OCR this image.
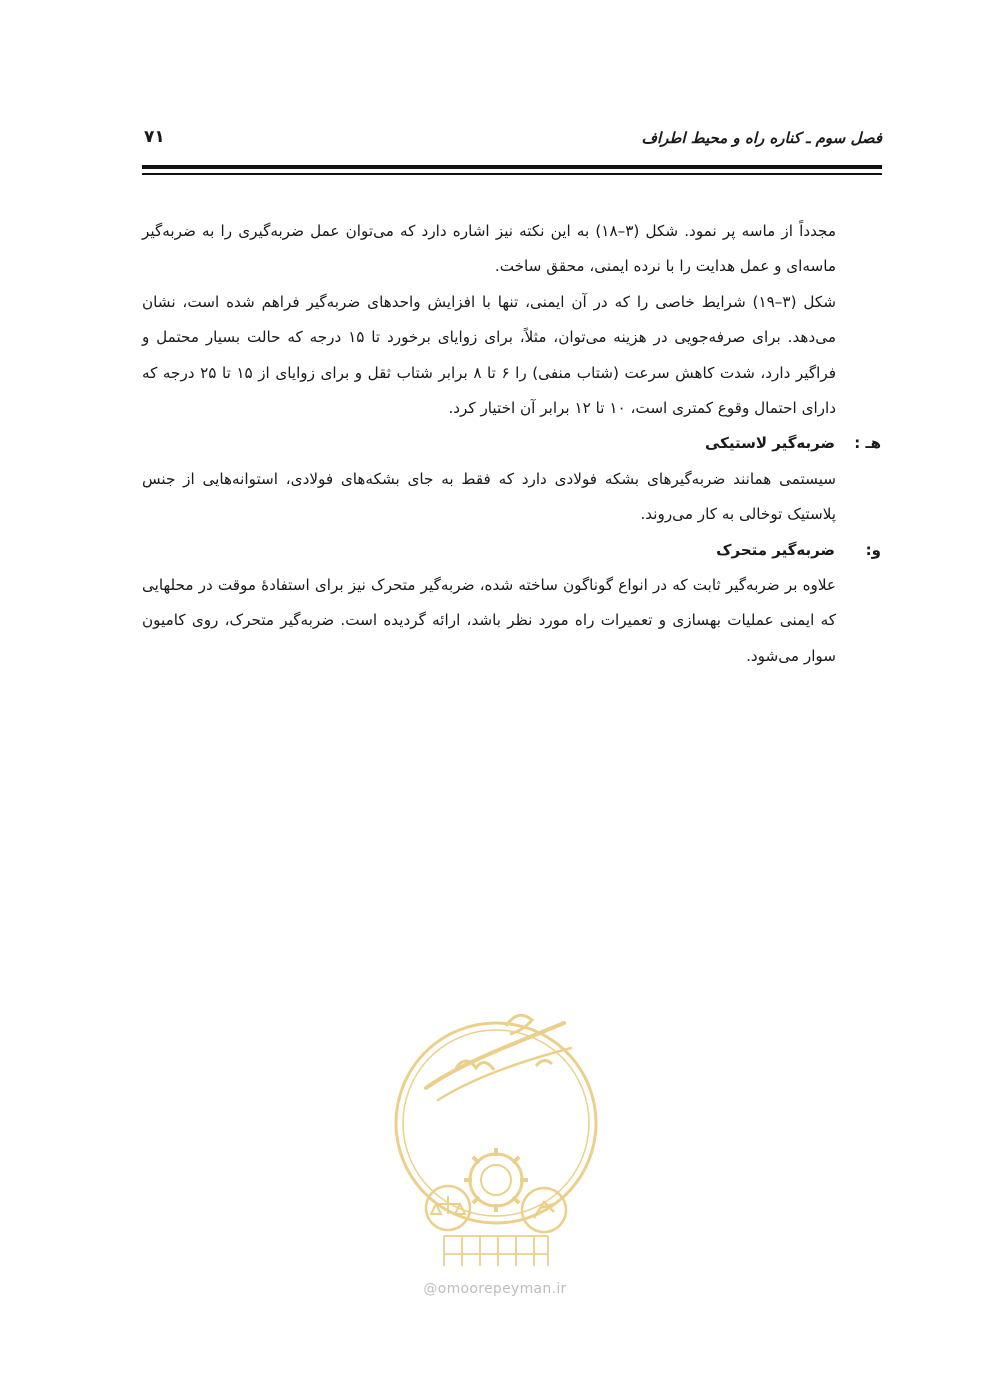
فصل سوم ـ کناره راه و محیط اطراف
۷۱

مجدداً از ماسه پر نمود. شکل (۳–۱۸) به این نکته نیز اشاره دارد که می‌توان عمل ضربه‌گیری را به ضربه‌گیر ماسه‌ای و عمل هدایت را با نرده ایمنی، محقق ساخت.

شکل (۳–۱۹) شرایط خاصی را که در آن ایمنی، تنها با افزایش واحدهای ضربه‌گیر فراهم شده است، نشان می‌دهد. برای صرفه‌جویی در هزینه می‌توان، مثلاً، برای زوایای برخورد تا ۱۵ درجه که حالت بسیار محتمل و فراگیر دارد، شدت کاهش سرعت (شتاب منفی) را ۶ تا ۸ برابر شتاب ثقل و برای زوایای از ۱۵ تا ۲۵ درجه که دارای احتمال وقوع کمتری است، ۱۰ تا ۱۲ برابر آن اختیار کرد.

هـ :
ضربه‌گیر لاستیکی

سیستمی همانند ضربه‌گیرهای بشکه فولادی دارد که فقط به جای بشکه‌های فولادی، استوانه‌هایی از جنس پلاستیک توخالی به کار می‌روند.

و:
ضربه‌گیر متحرک

علاوه بر ضربه‌گیر ثابت که در انواع گوناگون ساخته شده، ضربه‌گیر متحرک نیز برای استفادهٔ موقت در محلهایی که ایمنی عملیات بهسازی و تعمیرات راه مورد نظر باشد، ارائه گردیده است. ضربه‌گیر متحرک، روی کامیون سوار می‌شود.

@omoorepeyman.ir
